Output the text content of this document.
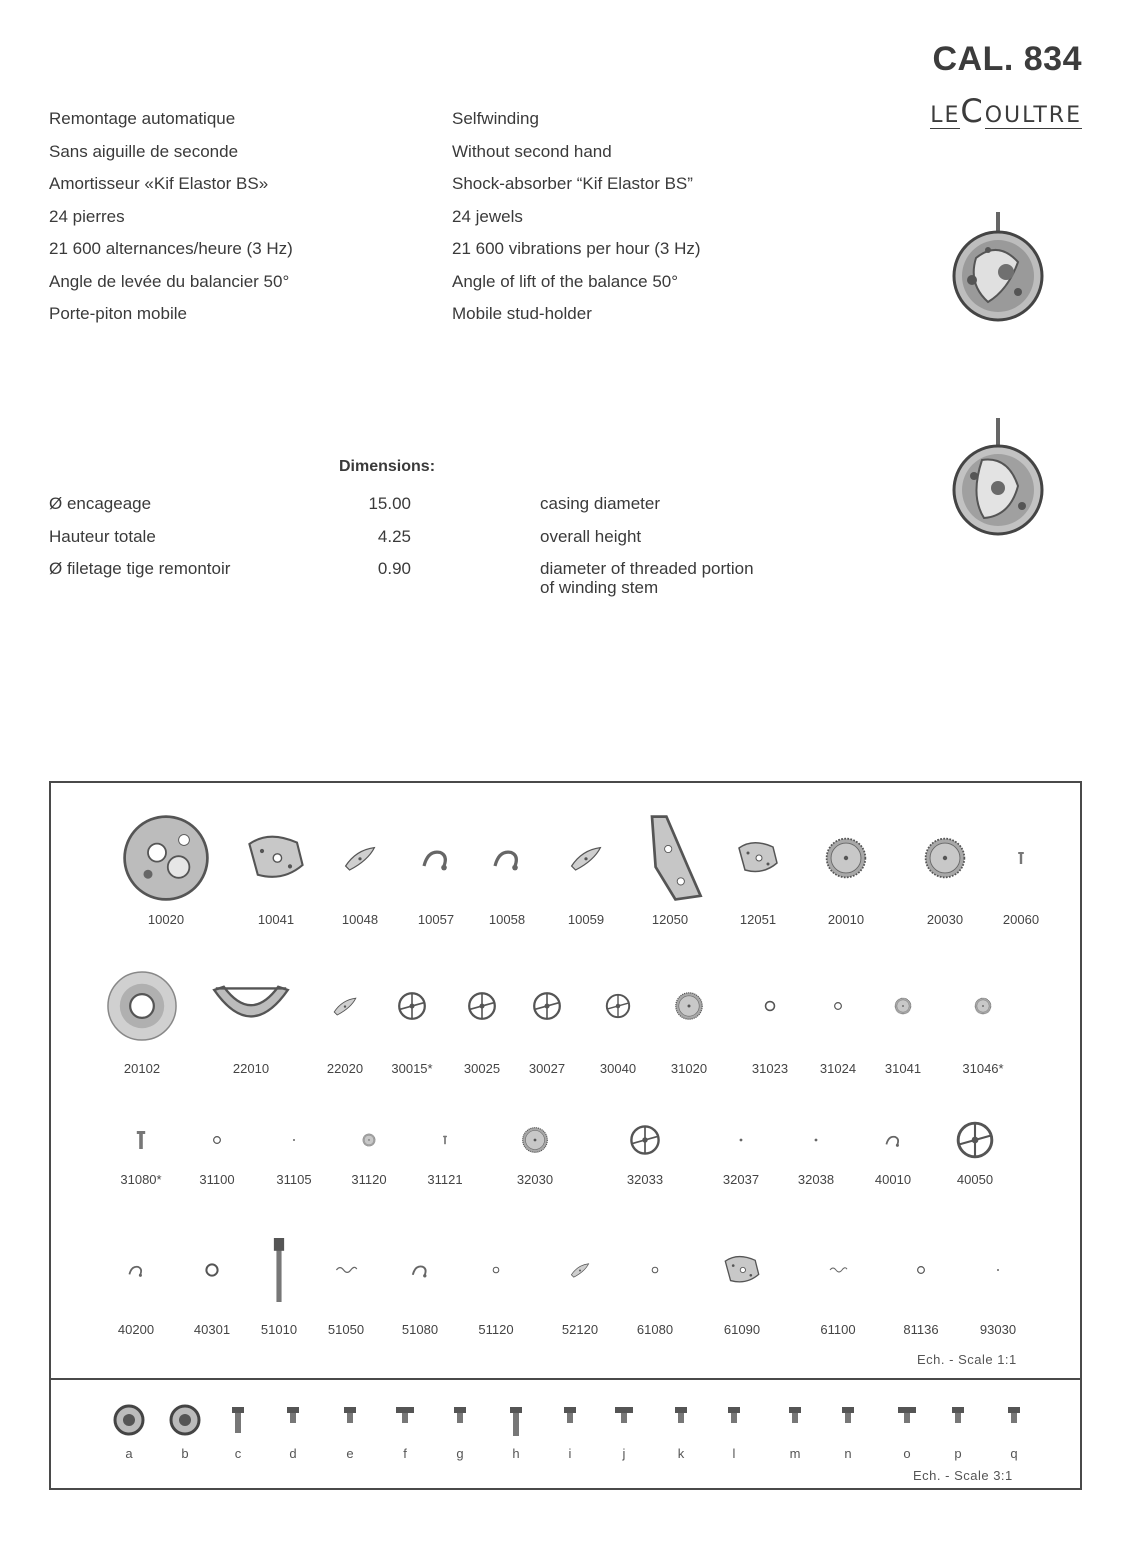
CAL. 834
LECOULTRE
Remontage automatique
Sans aiguille de seconde
Amortisseur «Kif Elastor BS»
24 pierres
21 600 alternances/heure (3 Hz)
Angle de levée du balancier 50°
Porte-piton mobile
Selfwinding
Without second hand
Shock-absorber “Kif Elastor BS”
24 jewels
21 600 vibrations per hour (3 Hz)
Angle of lift of the balance 50°
Mobile stud-holder
Dimensions:
Ø encageage	15.00	casing diameter
Hauteur totale	4.25	overall height
Ø filetage tige remontoir	0.90	diameter of threaded portion
of winding stem
10020	10041	10048	10057	10058	10059	12050	12051	20010	20030	20060
20102	22010	22020	30015*	30025	30027	30040	31020	31023	31024	31041	31046*
31080*	31100	31105	31120	31121	32030	32033	32037	32038	40010	40050
40200	40301	51010	51050	51080	51120	52120	61080	61090	61100	81136	93030
a	b	c	d	e	f	g	h	i	j	k	l	m	n	o	p	q
Ech. - Scale 1:1
Ech. - Scale 3:1
